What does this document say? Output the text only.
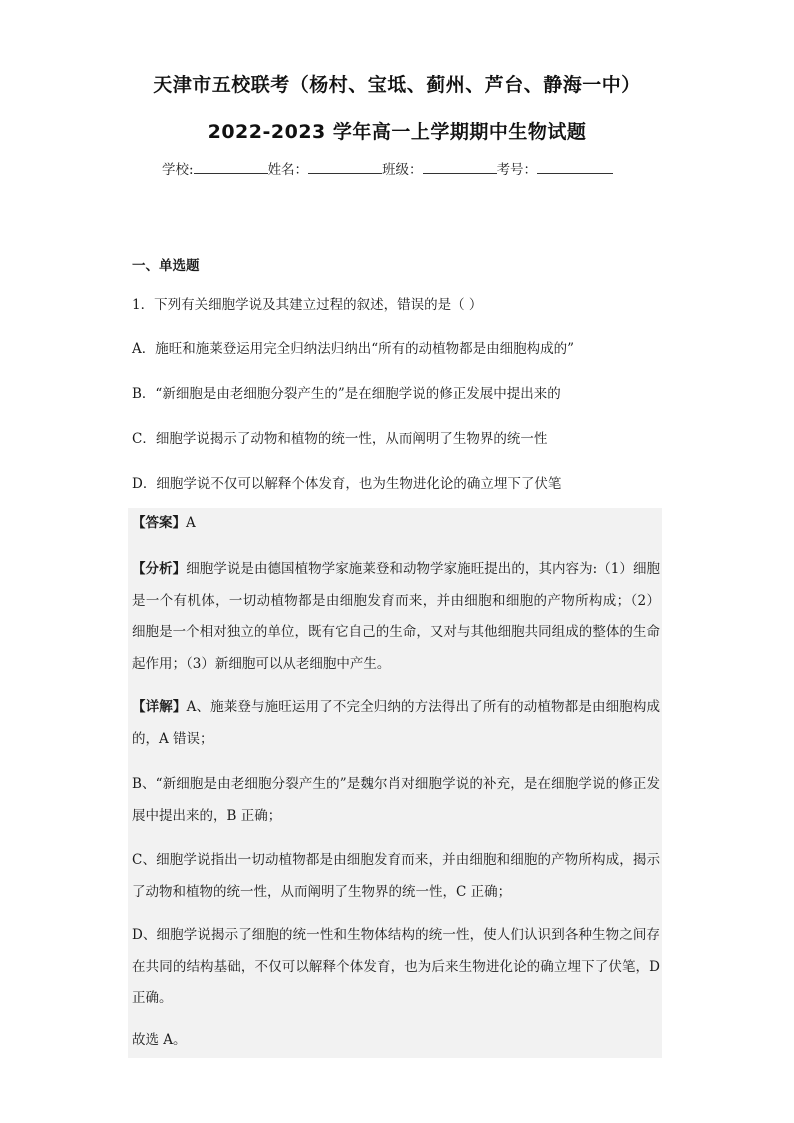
天津市五校联考（杨村、宝坻、蓟州、芦台、静海一中）
2022-2023 学年高一上学期期中生物试题
学校:	姓名：	班级：	考号：
一、单选题
1．下列有关细胞学说及其建立过程的叙述，错误的是（ ）
A．施旺和施莱登运用完全归纳法归纳出“所有的动植物都是由细胞构成的”
B．“新细胞是由老细胞分裂产生的”是在细胞学说的修正发展中提出来的
C．细胞学说揭示了动物和植物的统一性，从而阐明了生物界的统一性
D．细胞学说不仅可以解释个体发育，也为生物进化论的确立埋下了伏笔
【答案】A
【分析】细胞学说是由德国植物学家施莱登和动物学家施旺提出的，其内容为:（1）细胞是一个有机体，一切动植物都是由细胞发育而来，并由细胞和细胞的产物所构成；（2）细胞是一个相对独立的单位，既有它自己的生命，又对与其他细胞共同组成的整体的生命起作用；（3）新细胞可以从老细胞中产生。
【详解】A、施莱登与施旺运用了不完全归纳的方法得出了所有的动植物都是由细胞构成的，A 错误；
B、“新细胞是由老细胞分裂产生的”是魏尔肖对细胞学说的补充，是在细胞学说的修正发展中提出来的，B 正确；
C、细胞学说指出一切动植物都是由细胞发育而来，并由细胞和细胞的产物所构成，揭示了动物和植物的统一性，从而阐明了生物界的统一性，C 正确；
D、细胞学说揭示了细胞的统一性和生物体结构的统一性，使人们认识到各种生物之间存在共同的结构基础，不仅可以解释个体发育，也为后来生物进化论的确立埋下了伏笔，D 正确。
故选 A。
